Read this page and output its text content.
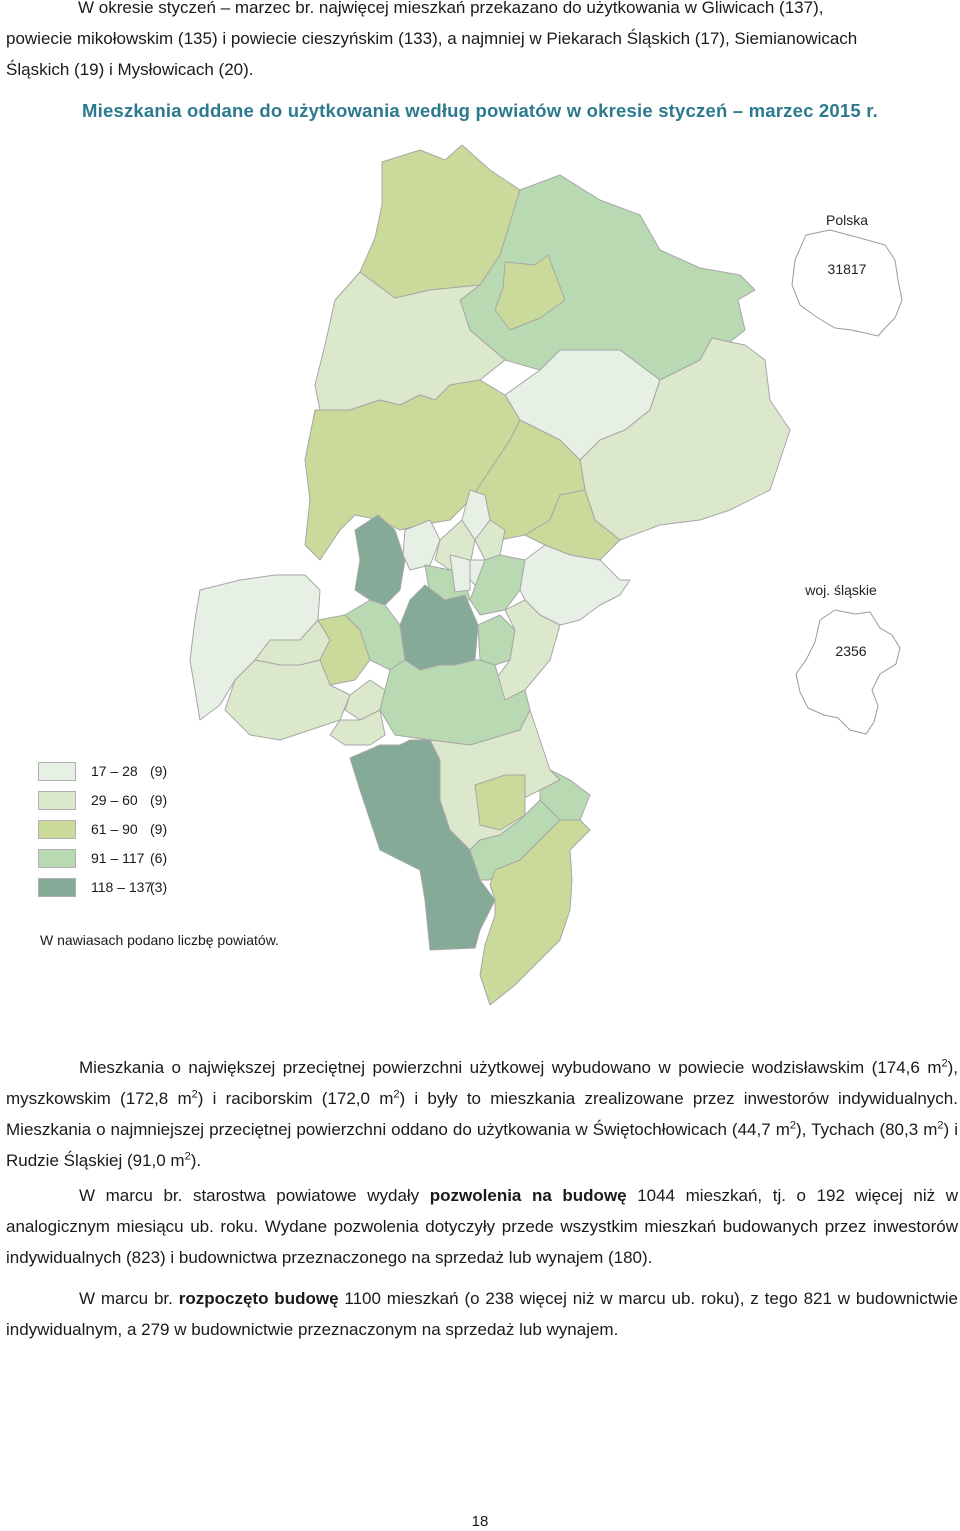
W okresie styczeń – marzec br. najwięcej mieszkań przekazano do użytkowania w Gliwicach (137),
powiecie mikołowskim (135) i powiecie cieszyńskim (133), a najmniej w Piekarach Śląskich (17), Siemianowicach
Śląskich (19) i Mysłowicach (20).
Mieszkania oddane do użytkowania według powiatów w okresie styczeń – marzec 2015 r.
Polska
31817
woj. śląskie
2356
17 – 28 (9)
29 – 60 (9)
61 – 90 (9)
91 – 117 (6)
118 – 137
(3)
W nawiasach podano liczbę powiatów.

Mieszkania o największej przeciętnej powierzchni użytkowej wybudowano w powiecie wodzisławskim (174,6 $m^2$), myszkowskim (172,8 $m^2$) i raciborskim (172,0 $m^2$) i były to mieszkania zrealizowane przez inwestorów indywidualnych. Mieszkania o najmniejszej przeciętnej powierzchni oddano do użytkowania w Świętochłowicach (44,7 $m^2$), Tychach (80,3 $m^2$) i Rudzie Śląskiej (91,0 $m^2$).

W marcu br. starostwa powiatowe wydały pozwolenia na budowę 1044 mieszkań, tj. o 192 więcej niż w analogicznym miesiącu ub. roku. Wydane pozwolenia dotyczyły przede wszystkim mieszkań budowanych przez inwestorów indywidualnych (823) i budownictwa przeznaczonego na sprzedaż lub wynajem (180).

W marcu br. rozpoczęto budowę 1100 mieszkań (o 238 więcej niż w marcu ub. roku), z tego 821 w budownictwie indywidualnym, a 279 w budownictwie przeznaczonym na sprzedaż lub wynajem.

18
